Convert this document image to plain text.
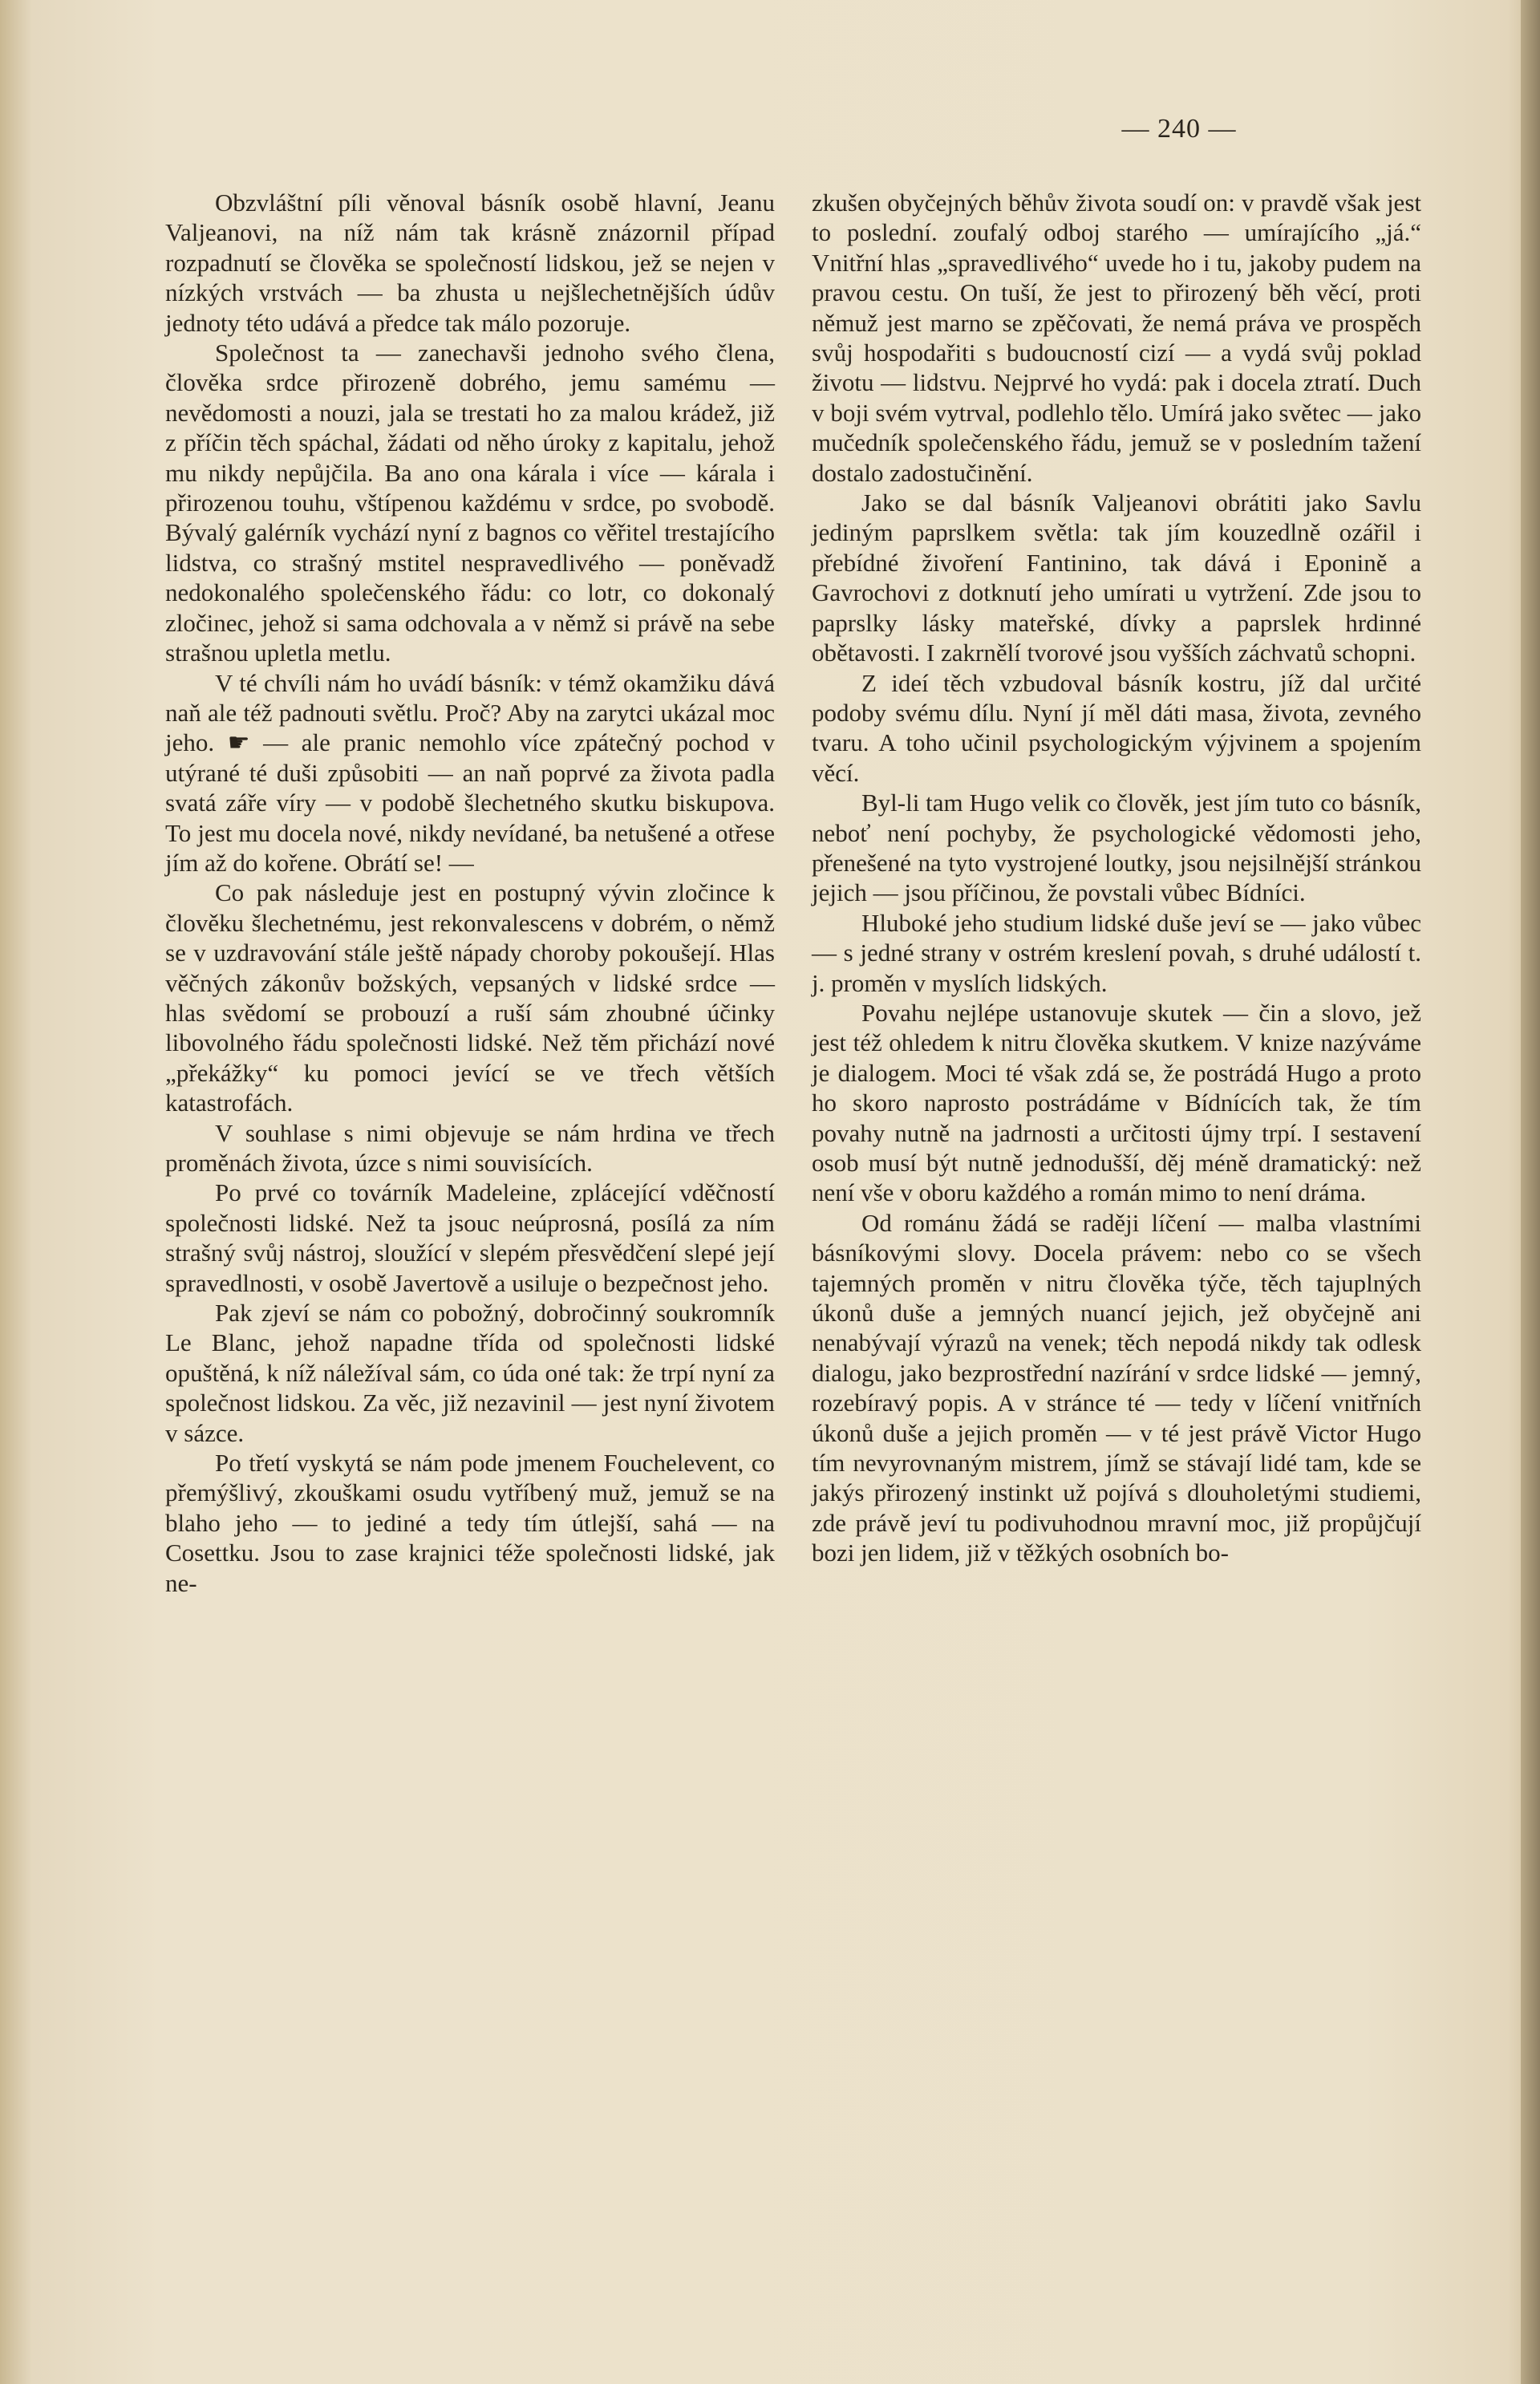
— 240 —

Obzvláštní píli věnoval básník osobě hlavní, Jeanu Valjeanovi, na níž nám tak krásně znázornil případ rozpadnutí se člověka se společností lidskou, jež se nejen v nízkých vrstvách — ba zhusta u nejšlechetnějších údův jednoty této udává a předce tak málo pozoruje.

Společnost ta — zanechavši jednoho svého člena, člověka srdce přirozeně dobrého, jemu samému — nevědomosti a nouzi, jala se trestati ho za malou krádež, již z příčin těch spáchal, žádati od něho úroky z kapitalu, jehož mu nikdy nepůjčila. Ba ano ona kárala i více — kárala i přirozenou touhu, vštípenou každému v srdce, po svobodě. Bývalý galérník vychází nyní z bagnos co věřitel trestajícího lidstva, co strašný mstitel nespravedlivého — poněvadž nedokonalého společenského řádu: co lotr, co dokonalý zločinec, jehož si sama odchovala a v němž si právě na sebe strašnou upletla metlu.

V té chvíli nám ho uvádí básník: v témž okamžiku dává naň ale též padnouti světlu. Proč? Aby na zarytci ukázal moc jeho. ☛ — ale pranic nemohlo více zpátečný pochod v utýrané té duši způsobiti — an naň poprvé za života padla svatá záře víry — v podobě šlechetného skutku biskupova. To jest mu docela nové, nikdy nevídané, ba netušené a otřese jím až do kořene. Obrátí se! —

Co pak následuje jest en postupný vývin zločince k člověku šlechetnému, jest rekonvalescens v dobrém, o němž se v uzdravování stále ještě nápady choroby pokoušejí. Hlas věčných zákonův božských, vepsaných v lidské srdce — hlas svědomí se probouzí a ruší sám zhoubné účinky libovolného řádu společnosti lidské. Než těm přichází nové „překážky“ ku pomoci jevící se ve třech větších katastrofách.

V souhlase s nimi objevuje se nám hrdina ve třech proměnách života, úzce s nimi souvisících.

Po prvé co továrník Madeleine, zplácející vděčností společnosti lidské. Než ta jsouc neúprosná, posílá za ním strašný svůj nástroj, sloužící v slepém přesvědčení slepé její spravedlnosti, v osobě Javertově a usiluje o bezpečnost jeho.

Pak zjeví se nám co pobožný, dobročinný soukromník Le Blanc, jehož napadne třída od společnosti lidské opuštěná, k níž náležíval sám, co úda oné tak: že trpí nyní za společnost lidskou. Za věc, již nezavinil — jest nyní životem v sázce.

Po třetí vyskytá se nám pode jmenem Fouchelevent, co přemýšlivý, zkouškami osudu vytříbený muž, jemuž se na blaho jeho — to jediné a tedy tím útlejší, sahá — na Cosettku. Jsou to zase krajnici téže společnosti lidské, jak ne-

zkušen obyčejných běhův života soudí on: v pravdě však jest to poslední. zoufalý odboj starého — umírajícího „já.“ Vnitřní hlas „spravedlivého“ uvede ho i tu, jakoby pudem na pravou cestu. On tuší, že jest to přirozený běh věcí, proti němuž jest marno se zpěčovati, že nemá práva ve prospěch svůj hospodařiti s budoucností cizí — a vydá svůj poklad životu — lidstvu. Nejprvé ho vydá: pak i docela ztratí. Duch v boji svém vytrval, podlehlo tělo. Umírá jako světec — jako mučedník společenského řádu, jemuž se v posledním tažení dostalo zadostučinění.

Jako se dal básník Valjeanovi obrátiti jako Savlu jediným paprslkem světla: tak jím kouzedlně ozářil i přebídné živoření Fantinino, tak dává i Eponině a Gavrochovi z dotknutí jeho umírati u vytržení. Zde jsou to paprslky lásky mateřské, dívky a paprslek hrdinné obětavosti. I zakrnělí tvorové jsou vyšších záchvatů schopni.

Z ideí těch vzbudoval básník kostru, jíž dal určité podoby svému dílu. Nyní jí měl dáti masa, života, zevného tvaru. A toho učinil psychologickým výjvinem a spojením věcí.

Byl-li tam Hugo velik co člověk, jest jím tuto co básník, neboť není pochyby, že psychologické vědomosti jeho, přenešené na tyto vystrojené loutky, jsou nejsilnější stránkou jejich — jsou příčinou, že povstali vůbec Bídníci.

Hluboké jeho studium lidské duše jeví se — jako vůbec — s jedné strany v ostrém kreslení povah, s druhé událostí t. j. proměn v myslích lidských.

Povahu nejlépe ustanovuje skutek — čin a slovo, jež jest též ohledem k nitru člověka skutkem. V knize nazýváme je dialogem. Moci té však zdá se, že postrádá Hugo a proto ho skoro naprosto postrádáme v Bídnících tak, že tím povahy nutně na jadrnosti a určitosti újmy trpí. I sestavení osob musí být nutně jednodušší, děj méně dramatický: než není vše v oboru každého a román mimo to není dráma.

Od románu žádá se raději líčení — malba vlastními básníkovými slovy. Docela právem: nebo co se všech tajemných proměn v nitru člověka týče, těch tajuplných úkonů duše a jemných nuancí jejich, jež obyčejně ani nenabývají výrazů na venek; těch nepodá nikdy tak odlesk dialogu, jako bezprostřední nazírání v srdce lidské — jemný, rozebíravý popis. A v stránce té — tedy v líčení vnitřních úkonů duše a jejich proměn — v té jest právě Victor Hugo tím nevyrovnaným mistrem, jímž se stávají lidé tam, kde se jakýs přirozený instinkt už pojívá s dlouholetými studiemi, zde právě jeví tu podivuhodnou mravní moc, již propůjčují bozi jen lidem, již v těžkých osobních bo-
